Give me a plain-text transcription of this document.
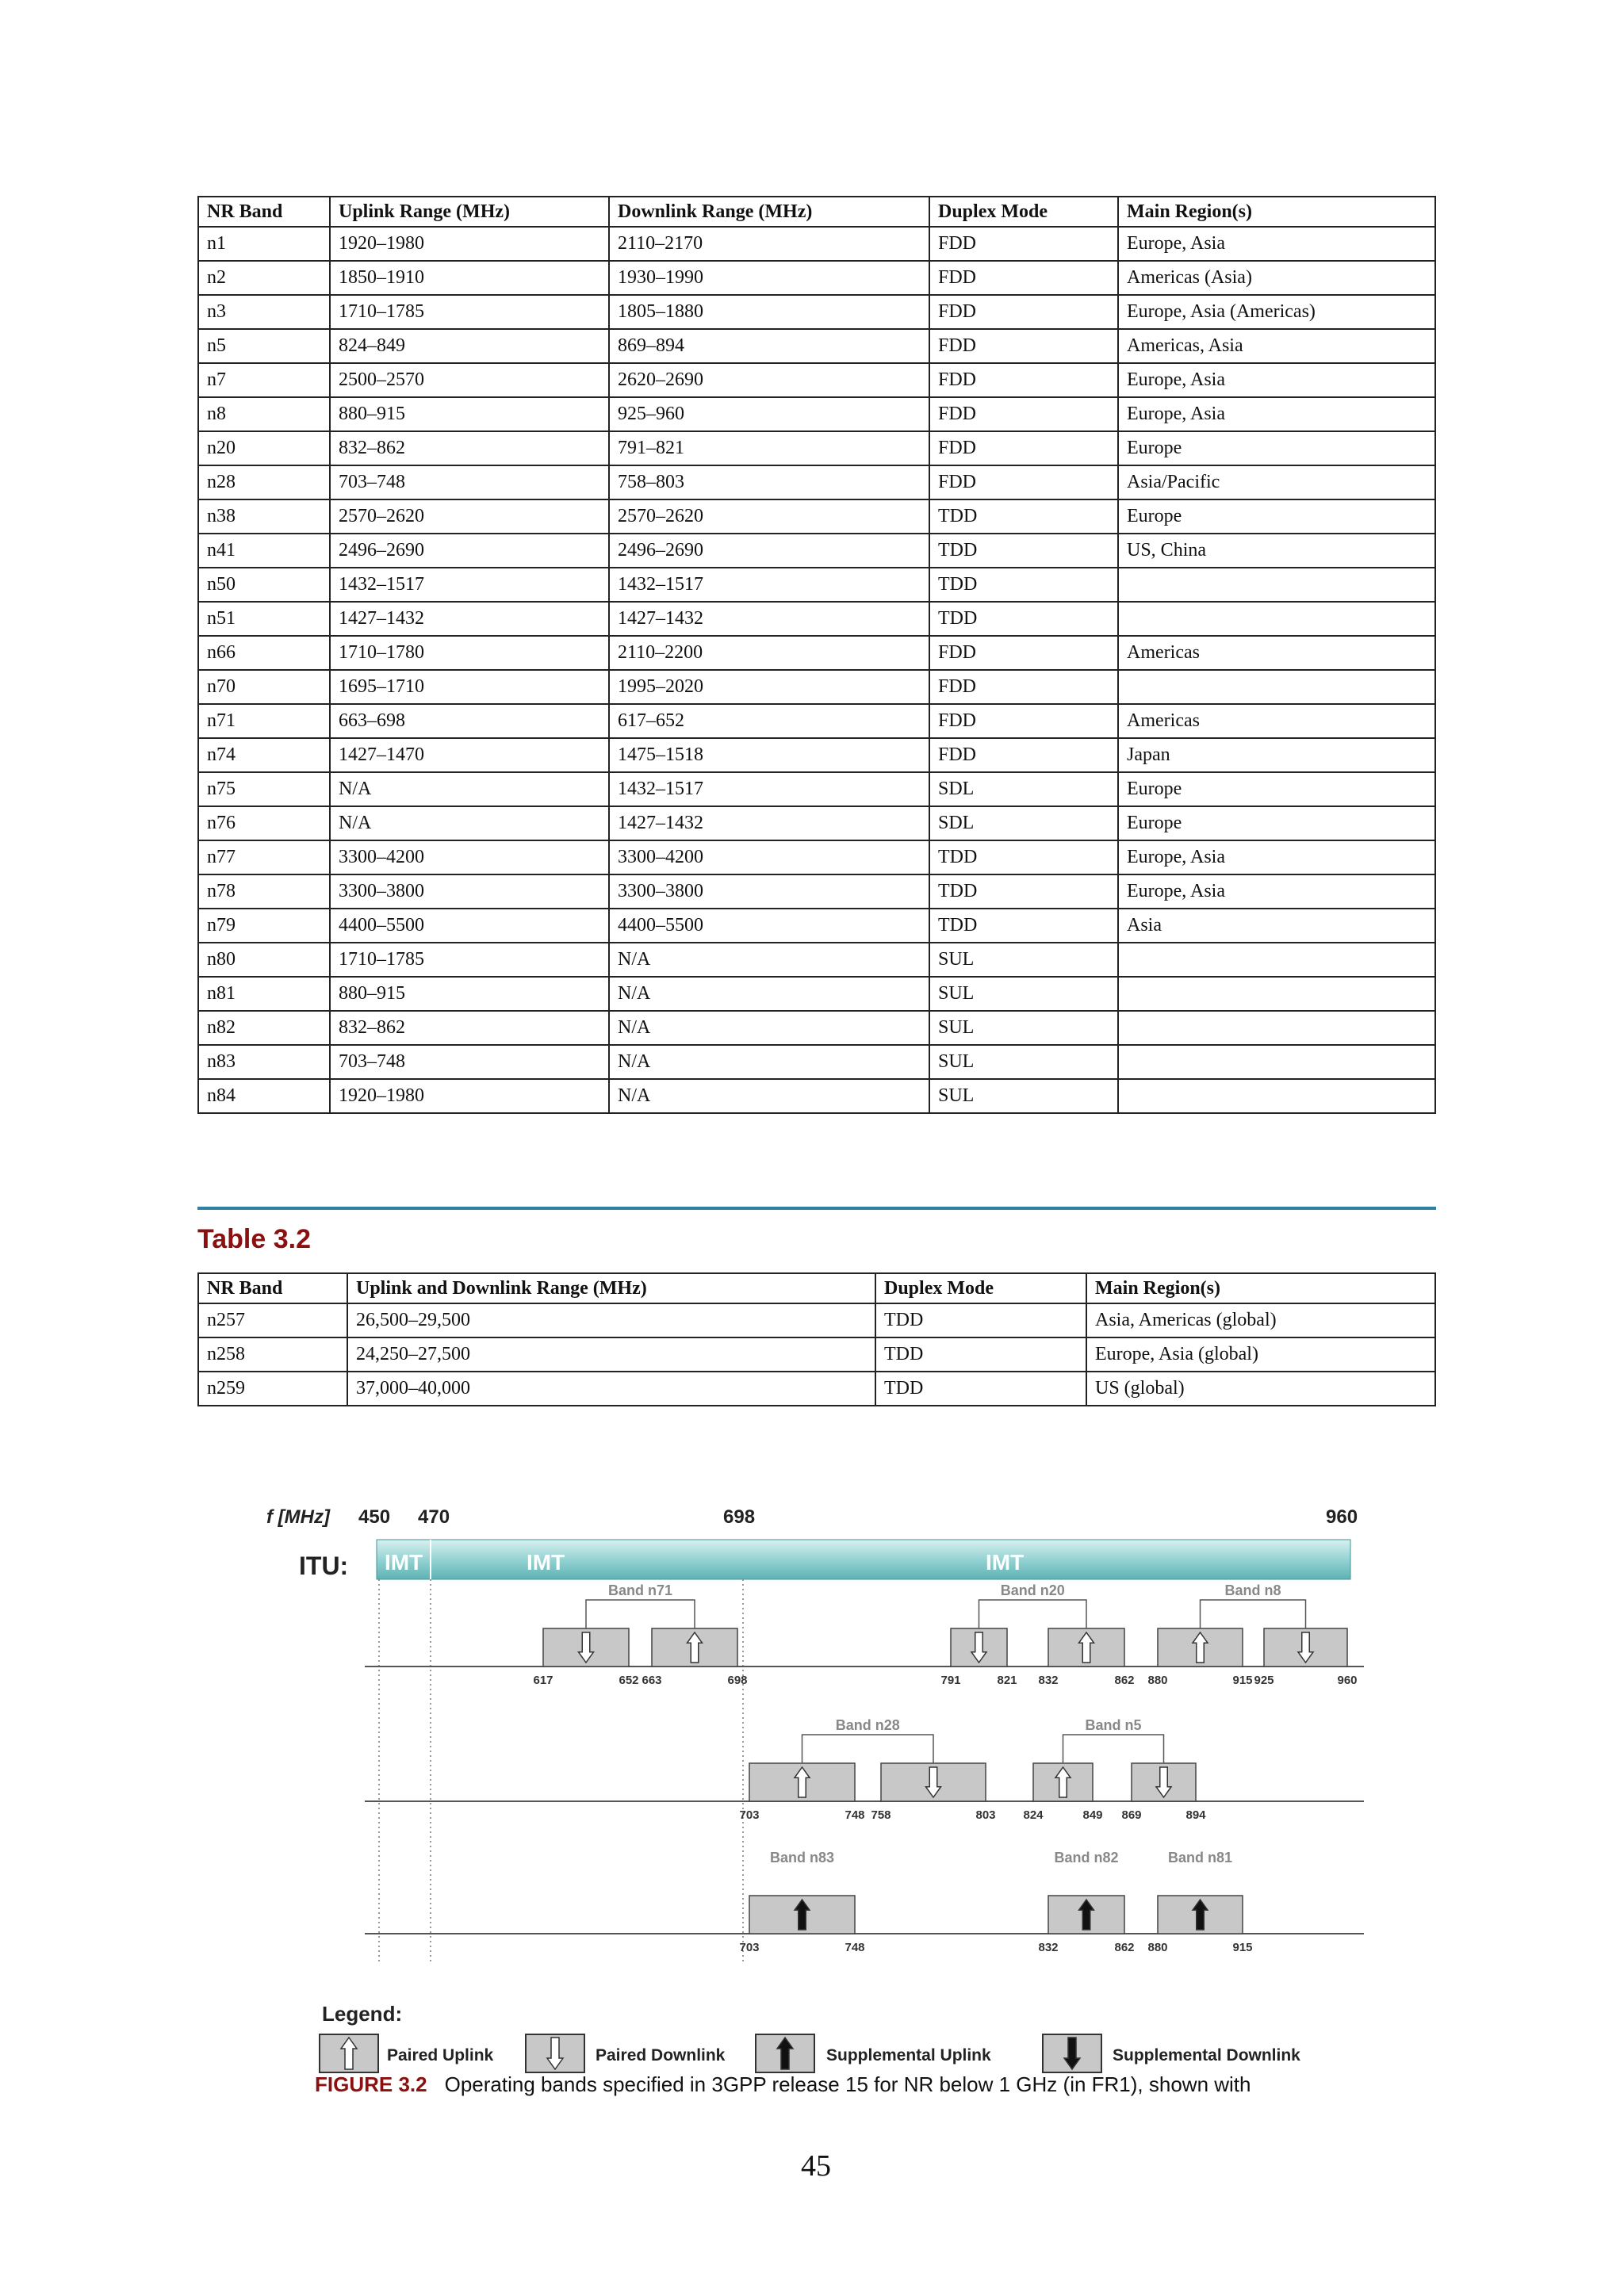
NR Band	Uplink Range (MHz)	Downlink Range (MHz)	Duplex Mode	Main Region(s)
n1	1920–1980	2110–2170	FDD	Europe, Asia
n2	1850–1910	1930–1990	FDD	Americas (Asia)
n3	1710–1785	1805–1880	FDD	Europe, Asia (Americas)
n5	824–849	869–894	FDD	Americas, Asia
n7	2500–2570	2620–2690	FDD	Europe, Asia
n8	880–915	925–960	FDD	Europe, Asia
n20	832–862	791–821	FDD	Europe
n28	703–748	758–803	FDD	Asia/Pacific
n38	2570–2620	2570–2620	TDD	Europe
n41	2496–2690	2496–2690	TDD	US, China
n50	1432–1517	1432–1517	TDD	
n51	1427–1432	1427–1432	TDD	
n66	1710–1780	2110–2200	FDD	Americas
n70	1695–1710	1995–2020	FDD	
n71	663–698	617–652	FDD	Americas
n74	1427–1470	1475–1518	FDD	Japan
n75	N/A	1432–1517	SDL	Europe
n76	N/A	1427–1432	SDL	Europe
n77	3300–4200	3300–4200	TDD	Europe, Asia
n78	3300–3800	3300–3800	TDD	Europe, Asia
n79	4400–5500	4400–5500	TDD	Asia
n80	1710–1785	N/A	SUL	
n81	880–915	N/A	SUL	
n82	832–862	N/A	SUL	
n83	703–748	N/A	SUL	
n84	1920–1980	N/A	SUL	
Table 3.2
NR Band	Uplink and Downlink Range (MHz)	Duplex Mode	Main Region(s)
n257	26,500–29,500	TDD	Asia, Americas (global)
n258	24,250–27,500	TDD	Europe, Asia (global)
n259	37,000–40,000	TDD	US (global)
f [MHz] 450 470	698	960
ITU: IMT	IMT	IMT
Band n71	Band n20	Band n8
617	652 663	698	791	821 832	862 880	915 925	960
Band n28	Band n5
703	748 758	803 824	849 869	894
Band n83	Band n82	Band n81
703	748	832	862 880	915
Legend:
Paired Uplink	Paired Downlink	Supplemental Uplink	Supplemental Downlink
FIGURE 3.2 Operating bands specified in 3GPP release 15 for NR below 1 GHz (in FR1), shown with
45
